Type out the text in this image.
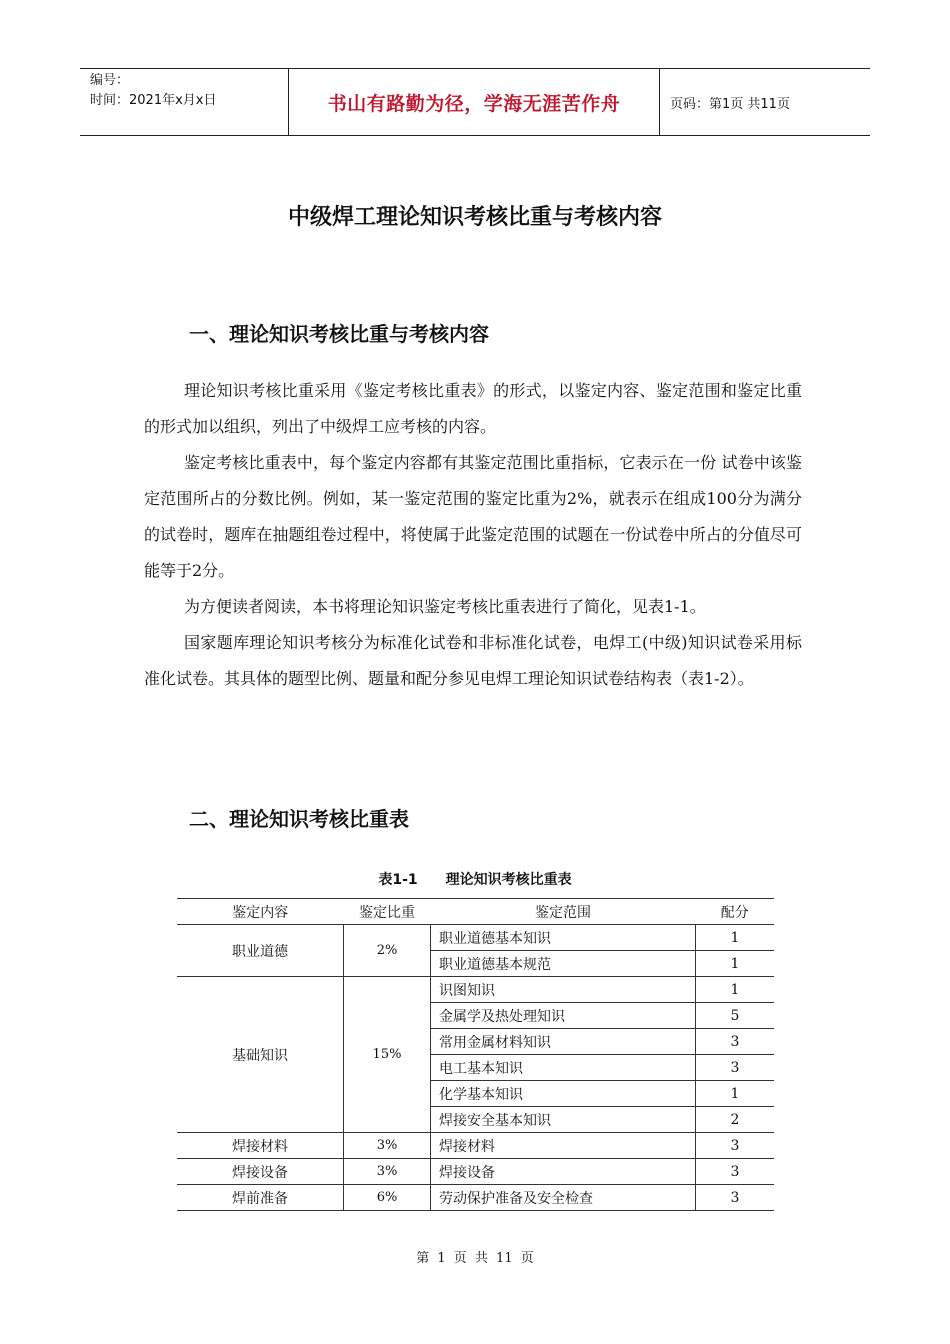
编号：
时间：2021年x月x日	书山有路勤为径，学海无涯苦作舟	页码：第1页 共11页
中级焊工理论知识考核比重与考核内容
一、理论知识考核比重与考核内容

理论知识考核比重采用《鉴定考核比重表》的形式，以鉴定内容、鉴定范围和鉴定比重的形式加以组织，列出了中级焊工应考核的内容。

鉴定考核比重表中，每个鉴定内容都有其鉴定范围比重指标，它表示在一份 试卷中该鉴定范围所占的分数比例。例如，某一鉴定范围的鉴定比重为2%，就表示在组成100分为满分的试卷时，题库在抽题组卷过程中，将使属于此鉴定范围的试题在一份试卷中所占的分值尽可能等于2分。

为方便读者阅读，本书将理论知识鉴定考核比重表进行了简化，见表1-1。

国家题库理论知识考核分为标准化试卷和非标准化试卷，电焊工(中级)知识试卷采用标准化试卷。其具体的题型比例、题量和配分参见电焊工理论知识试卷结构表（表1-2）。

二、理论知识考核比重表
表1-1 理论知识考核比重表
鉴定内容	鉴定比重	鉴定范围	配分
职业道德	2%	职业道德基本知识	1
		职业道德基本规范	1
基础知识	15%	识图知识	1
		金属学及热处理知识	5
		常用金属材料知识	3
		电工基本知识	3
		化学基本知识	1
		焊接安全基本知识	2
焊接材料	3%	焊接材料	3
焊接设备	3%	焊接设备	3
焊前准备	6%	劳动保护准备及安全检查	3
第 1 页 共 11 页
